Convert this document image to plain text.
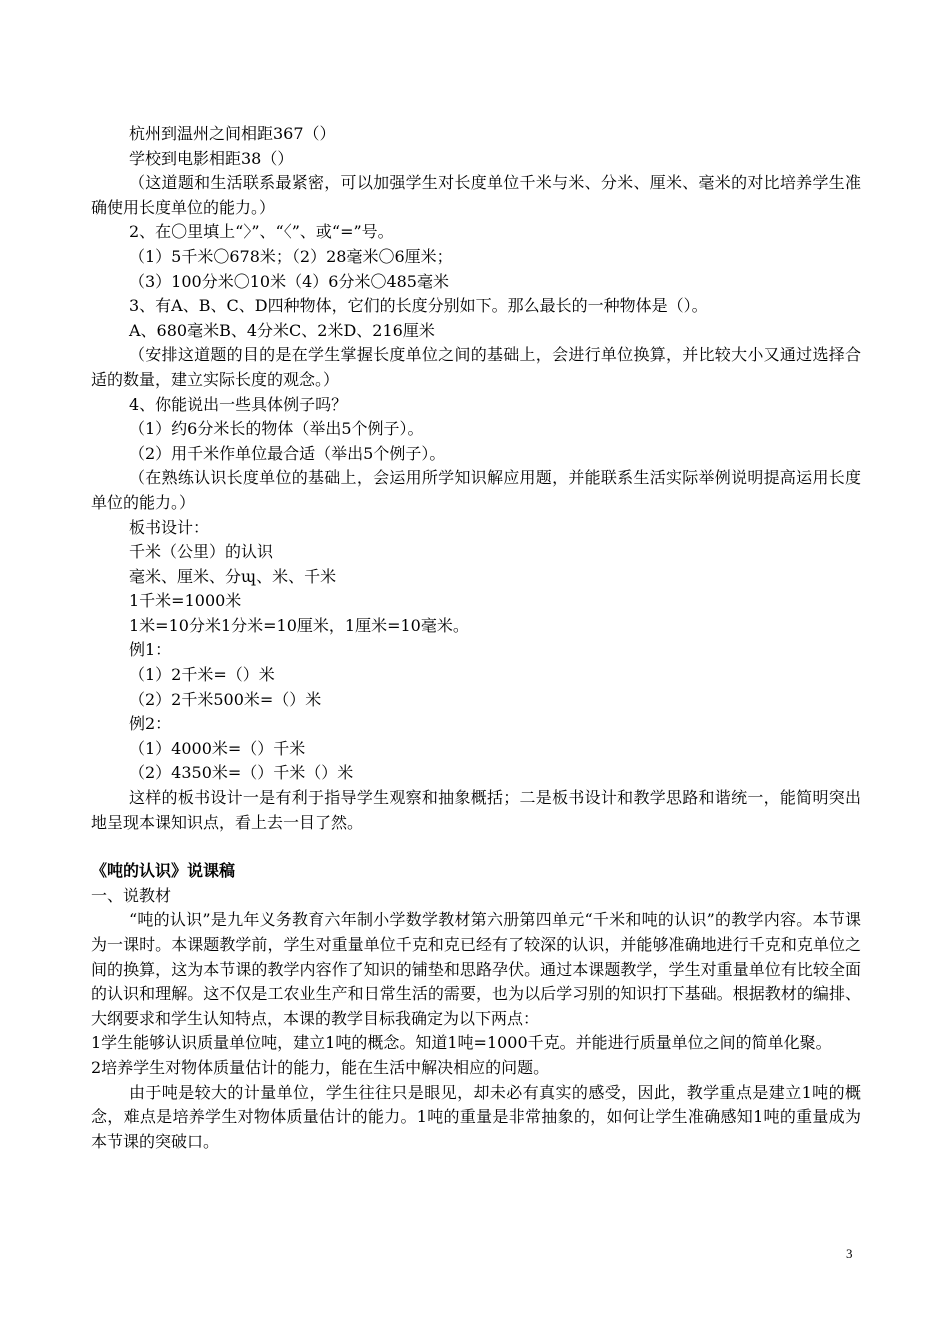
杭州到温州之间相距367（）
学校到电影相距38（）
（这道题和生活联系最紧密，可以加强学生对长度单位千米与米、分米、厘米、毫米的对比培养学生准确使用长度单位的能力。）
2、在〇里填上“〉”、“〈”、或“=”号。
（1）5千米〇678米；（2）28毫米〇6厘米；
（3）100分米〇10米（4）6分米〇485毫米
3、有A、B、C、D四种物体，它们的长度分别如下。那么最长的一种物体是（）。
A、680毫米B、4分米C、2米D、216厘米
（安排这道题的目的是在学生掌握长度单位之间的基础上，会进行单位换算，并比较大小又通过选择合适的数量，建立实际长度的观念。）
4、你能说出一些具体例子吗？
（1）约6分米长的物体（举出5个例子）。
（2）用千米作单位最合适（举出5个例子）。
（在熟练认识长度单位的基础上，会运用所学知识解应用题，并能联系生活实际举例说明提高运用长度单位的能力。）
板书设计：
千米（公里）的认识
毫米、厘米、分ɰ、米、千米
1千米=1000米
1米=10分米1分米=10厘米，1厘米=10毫米。
例1：
（1）2千米=（）米
（2）2千米500米=（）米
例2：
（1）4000米=（）千米
（2）4350米=（）千米（）米
这样的板书设计一是有利于指导学生观察和抽象概括；二是板书设计和教学思路和谐统一，能简明突出地呈现本课知识点，看上去一目了然。
《吨的认识》说课稿
一、说教材
“吨的认识”是九年义务教育六年制小学数学教材第六册第四单元“千米和吨的认识”的教学内容。本节课为一课时。本课题教学前，学生对重量单位千克和克已经有了较深的认识，并能够准确地进行千克和克单位之间的换算，这为本节课的教学内容作了知识的铺垫和思路孕伏。通过本课题教学，学生对重量单位有比较全面的认识和理解。这不仅是工农业生产和日常生活的需要，也为以后学习别的知识打下基础。根据教材的编排、大纲要求和学生认知特点，本课的教学目标我确定为以下两点：
1学生能够认识质量单位吨，建立1吨的概念。知道1吨=1000千克。并能进行质量单位之间的简单化聚。
2培养学生对物体质量估计的能力，能在生活中解决相应的问题。
由于吨是较大的计量单位，学生往往只是眼见，却未必有真实的感受，因此，教学重点是建立1吨的概念，难点是培养学生对物体质量估计的能力。1吨的重量是非常抽象的，如何让学生准确感知1吨的重量成为本节课的突破口。
3
